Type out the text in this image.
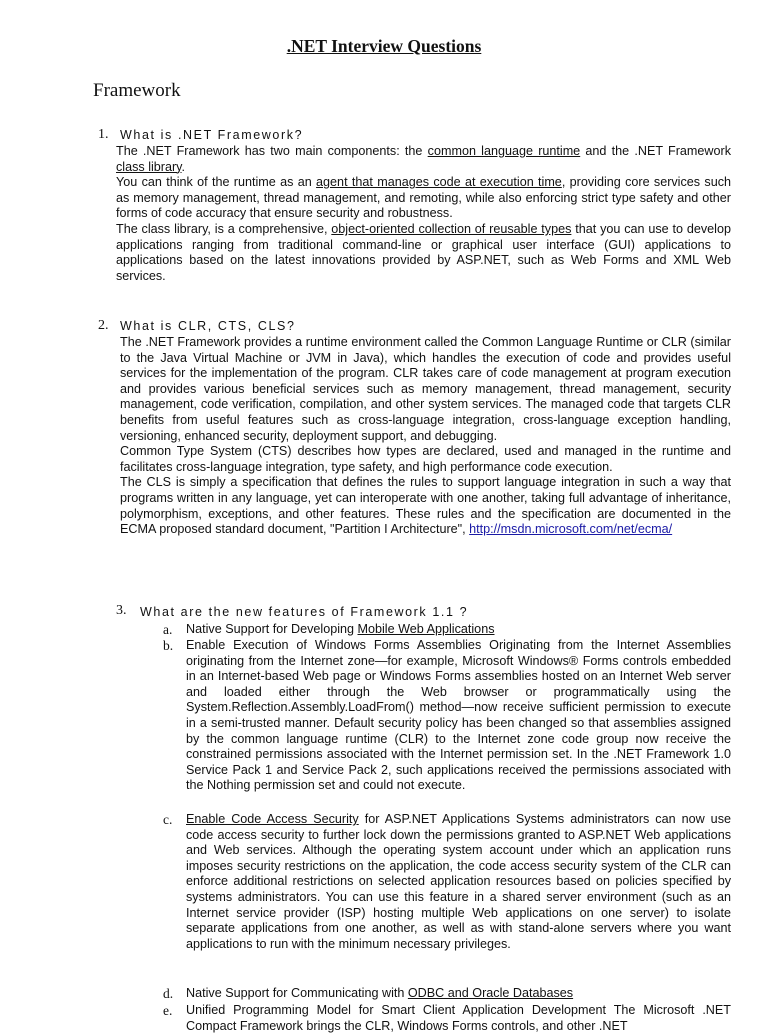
.NET Interview Questions
Framework
1. What is .NET Framework?

The .NET Framework has two main components: the common language runtime and the .NET Framework class library.
You can think of the runtime as an agent that manages code at execution time, providing core services such as memory management, thread management, and remoting, while also enforcing strict type safety and other forms of code accuracy that ensure security and robustness.
The class library, is a comprehensive, object-oriented collection of reusable types that you can use to develop applications ranging from traditional command-line or graphical user interface (GUI) applications to applications based on the latest innovations provided by ASP.NET, such as Web Forms and XML Web services.

2. What is CLR, CTS, CLS?

The .NET Framework provides a runtime environment called the Common Language Runtime or CLR (similar to the Java Virtual Machine or JVM in Java), which handles the execution of code and provides useful services for the implementation of the program. CLR takes care of code management at program execution and provides various beneficial services such as memory management, thread management, security management, code verification, compilation, and other system services. The managed code that targets CLR benefits from useful features such as cross-language integration, cross-language exception handling, versioning, enhanced security, deployment support, and debugging.
Common Type System (CTS) describes how types are declared, used and managed in the runtime and facilitates cross-language integration, type safety, and high performance code execution.
The CLS is simply a specification that defines the rules to support language integration in such a way that programs written in any language, yet can interoperate with one another, taking full advantage of inheritance, polymorphism, exceptions, and other features. These rules and the specification are documented in the ECMA proposed standard document, "Partition I Architecture", http://msdn.microsoft.com/net/ecma/

3. What are the new features of Framework 1.1 ?
a. Native Support for Developing Mobile Web Applications

b. Enable Execution of Windows Forms Assemblies Originating from the Internet Assemblies originating from the Internet zone—for example, Microsoft Windows® Forms controls embedded in an Internet-based Web page or Windows Forms assemblies hosted on an Internet Web server and loaded either through the Web browser or programmatically using the System.Reflection.Assembly.LoadFrom() method—now receive sufficient permission to execute in a semi-trusted manner. Default security policy has been changed so that assemblies assigned by the common language runtime (CLR) to the Internet zone code group now receive the constrained permissions associated with the Internet permission set. In the .NET Framework 1.0 Service Pack 1 and Service Pack 2, such applications received the permissions associated with the Nothing permission set and could not execute.

c. Enable Code Access Security for ASP.NET Applications Systems administrators can now use code access security to further lock down the permissions granted to ASP.NET Web applications and Web services. Although the operating system account under which an application runs imposes security restrictions on the application, the code access security system of the CLR can enforce additional restrictions on selected application resources based on policies specified by systems administrators. You can use this feature in a shared server environment (such as an Internet service provider (ISP) hosting multiple Web applications on one server) to isolate separate applications from one another, as well as with stand-alone servers where you want applications to run with the minimum necessary privileges.

d. Native Support for Communicating with ODBC and Oracle Databases

e. Unified Programming Model for Smart Client Application Development The Microsoft .NET Compact Framework brings the CLR, Windows Forms controls, and other .NET
